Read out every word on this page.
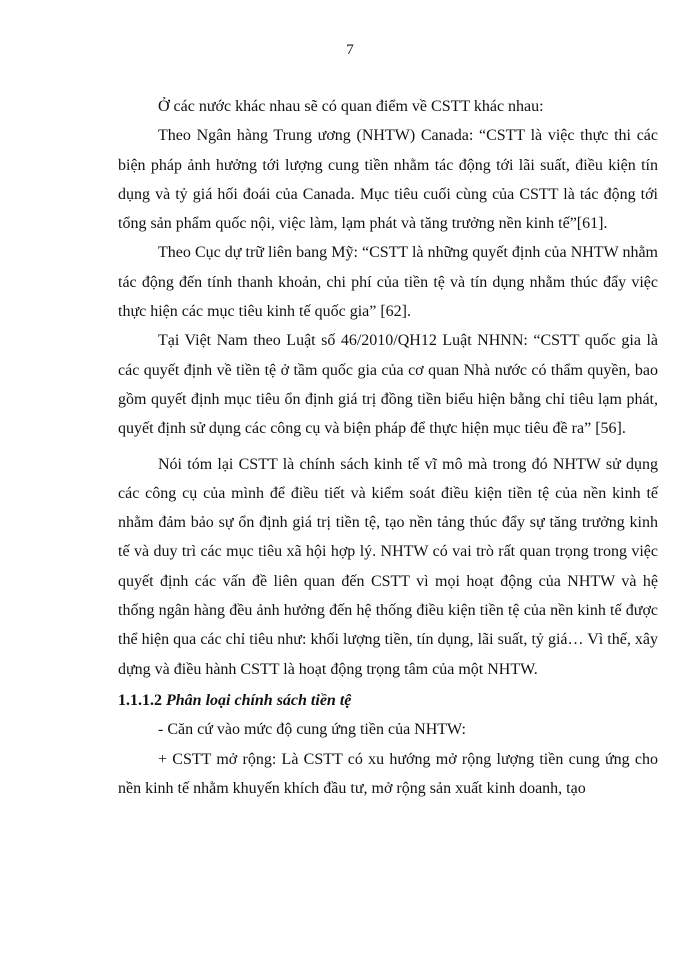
7

Ở các nước khác nhau sẽ có quan điểm về CSTT khác nhau:

Theo Ngân hàng Trung ương (NHTW) Canada: “CSTT là việc thực thi các biện pháp ảnh hưởng tới lượng cung tiền nhằm tác động tới lãi suất, điều kiện tín dụng và tỷ giá hối đoái của Canada. Mục tiêu cuối cùng của CSTT là tác động tới tổng sản phẩm quốc nội, việc làm, lạm phát và tăng trưởng nền kinh tế”[61].

Theo Cục dự trữ liên bang Mỹ: “CSTT là những quyết định của NHTW nhằm tác động đến tính thanh khoản, chi phí của tiền tệ và tín dụng nhằm thúc đẩy việc thực hiện các mục tiêu kinh tế quốc gia” [62].

Tại Việt Nam theo Luật số 46/2010/QH12 Luật NHNN: “CSTT quốc gia là các quyết định về tiền tệ ở tầm quốc gia của cơ quan Nhà nước có thẩm quyền, bao gồm quyết định mục tiêu ổn định giá trị đồng tiền biểu hiện bằng chỉ tiêu lạm phát, quyết định sử dụng các công cụ và biện pháp để thực hiện mục tiêu đề ra” [56].

Nói tóm lại CSTT là chính sách kinh tế vĩ mô mà trong đó NHTW sử dụng các công cụ của mình để điều tiết và kiểm soát điều kiện tiền tệ của nền kinh tế nhằm đảm bảo sự ổn định giá trị tiền tệ, tạo nền tảng thúc đẩy sự tăng trưởng kinh tế và duy trì các mục tiêu xã hội hợp lý. NHTW có vai trò rất quan trọng trong việc quyết định các vấn đề liên quan đến CSTT vì mọi hoạt động của NHTW và hệ thống ngân hàng đều ảnh hưởng đến hệ thống điều kiện tiền tệ của nền kinh tế được thể hiện qua các chỉ tiêu như: khối lượng tiền, tín dụng, lãi suất, tỷ giá… Vì thế, xây dựng và điều hành CSTT là hoạt động trọng tâm của một NHTW.

1.1.1.2 Phân loại chính sách tiền tệ

- Căn cứ vào mức độ cung ứng tiền của NHTW:

+ CSTT mở rộng: Là CSTT có xu hướng mở rộng lượng tiền cung ứng cho nền kinh tế nhằm khuyến khích đầu tư, mở rộng sản xuất kinh doanh, tạo
